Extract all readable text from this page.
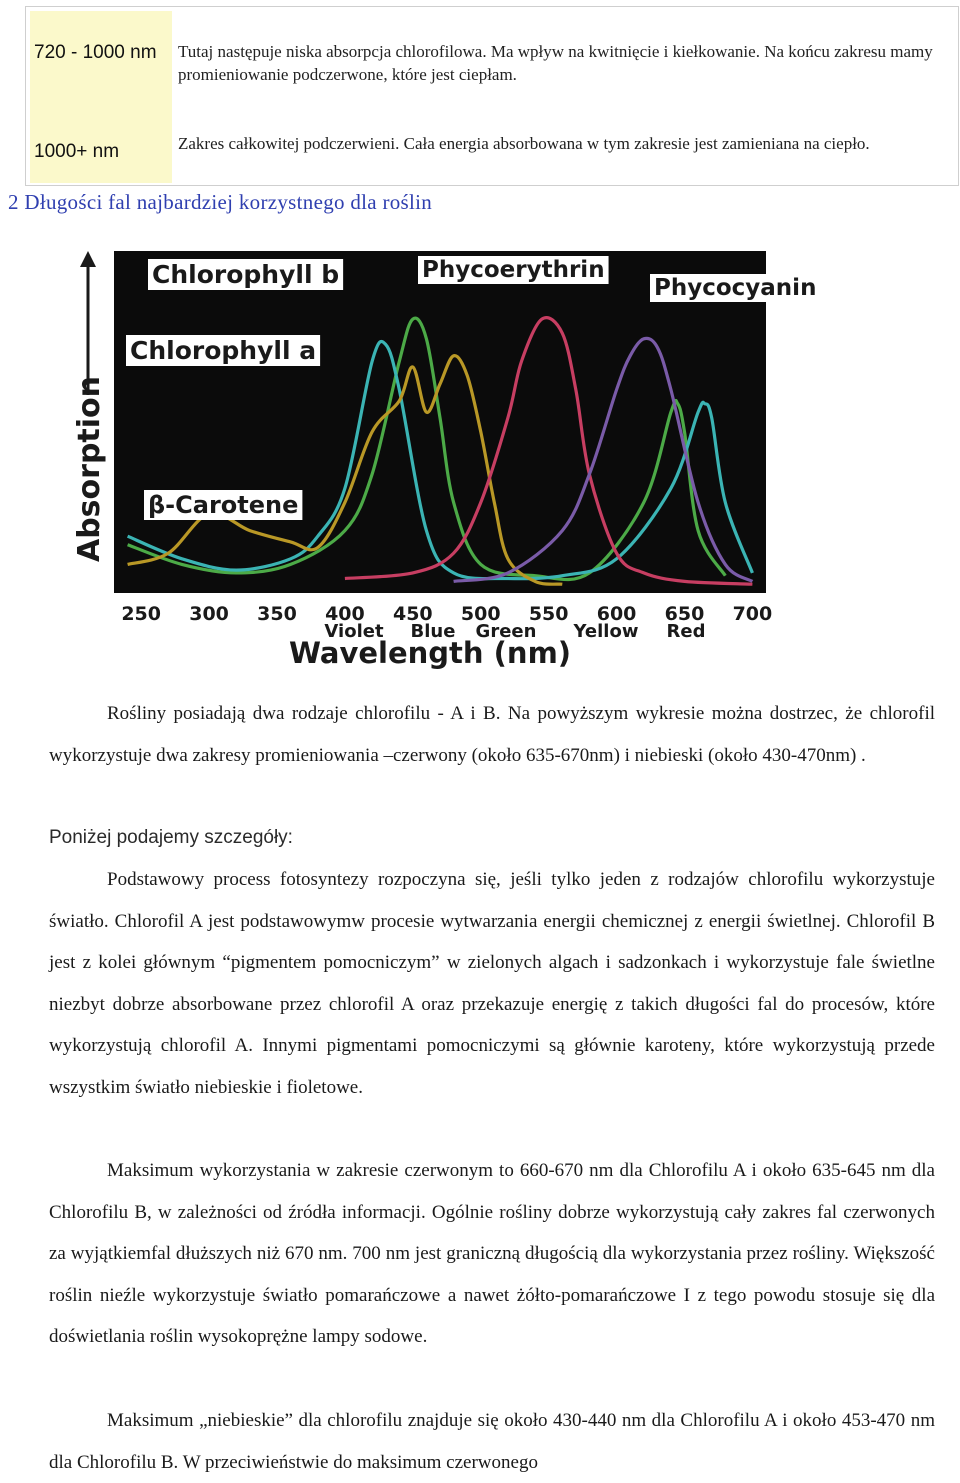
720 - 1000 nm	Tutaj następuje niska absorpcja chlorofilowa. Ma wpływ na kwitnięcie i kiełkowanie. Na końcu zakresu mamy promieniowanie podczerwone, które jest ciepłam.
1000+ nm	Zakres całkowitej podczerwieni. Cała energia absorbowana w tym zakresie jest zamieniana na ciepło.
2 Długości fal najbardziej korzystnego dla roślin
Chlorophyll b
Chlorophyll a
β-Carotene
Phycoerythrin
Phycocyanin
Absorption
250 300 350 400 450 500 550 600 650 700
Violet Blue Green Yellow Red
Wavelength (nm)

Rośliny posiadają dwa rodzaje chlorofilu - A i B. Na powyższym wykresie można dostrzec, że chlorofil wykorzystuje dwa zakresy promieniowania –czerwony (około 635-670nm) i niebieski (około 430-470nm) .

Poniżej podajemy szczegóły:

Podstawowy process fotosyntezy rozpoczyna się, jeśli tylko jeden z rodzajów chlorofilu wykorzystuje światło. Chlorofil A jest podstawowymw procesie wytwarzania energii chemicznej z energii świetlnej. Chlorofil B jest z kolei głównym “pigmentem pomocniczym” w zielonych algach i sadzonkach i wykorzystuje fale świetlne niezbyt dobrze absorbowane przez chlorofil A oraz przekazuje energię z takich długości fal do procesów, które wykorzystują chlorofil A. Innymi pigmentami pomocniczymi są głównie karoteny, które wykorzystują przede wszystkim światło niebieskie i fioletowe.

Maksimum wykorzystania w zakresie czerwonym to 660-670 nm dla Chlorofilu A i około 635-645 nm dla Chlorofilu B, w zależności od źródła informacji. Ogólnie rośliny dobrze wykorzystują cały zakres fal czerwonych za wyjątkiemfal dłuższych niż 670 nm. 700 nm jest graniczną długością dla wykorzystania przez rośliny. Większość roślin nieźle wykorzystuje światło pomarańczowe a nawet żółto-pomarańczowe I z tego powodu stosuje się dla doświetlania roślin wysokoprężne lampy sodowe.

Maksimum „niebieskie” dla chlorofilu znajduje się około 430-440 nm dla Chlorofilu A i około 453-470 nm dla Chlorofilu B. W przeciwieństwie do maksimum czerwonego
